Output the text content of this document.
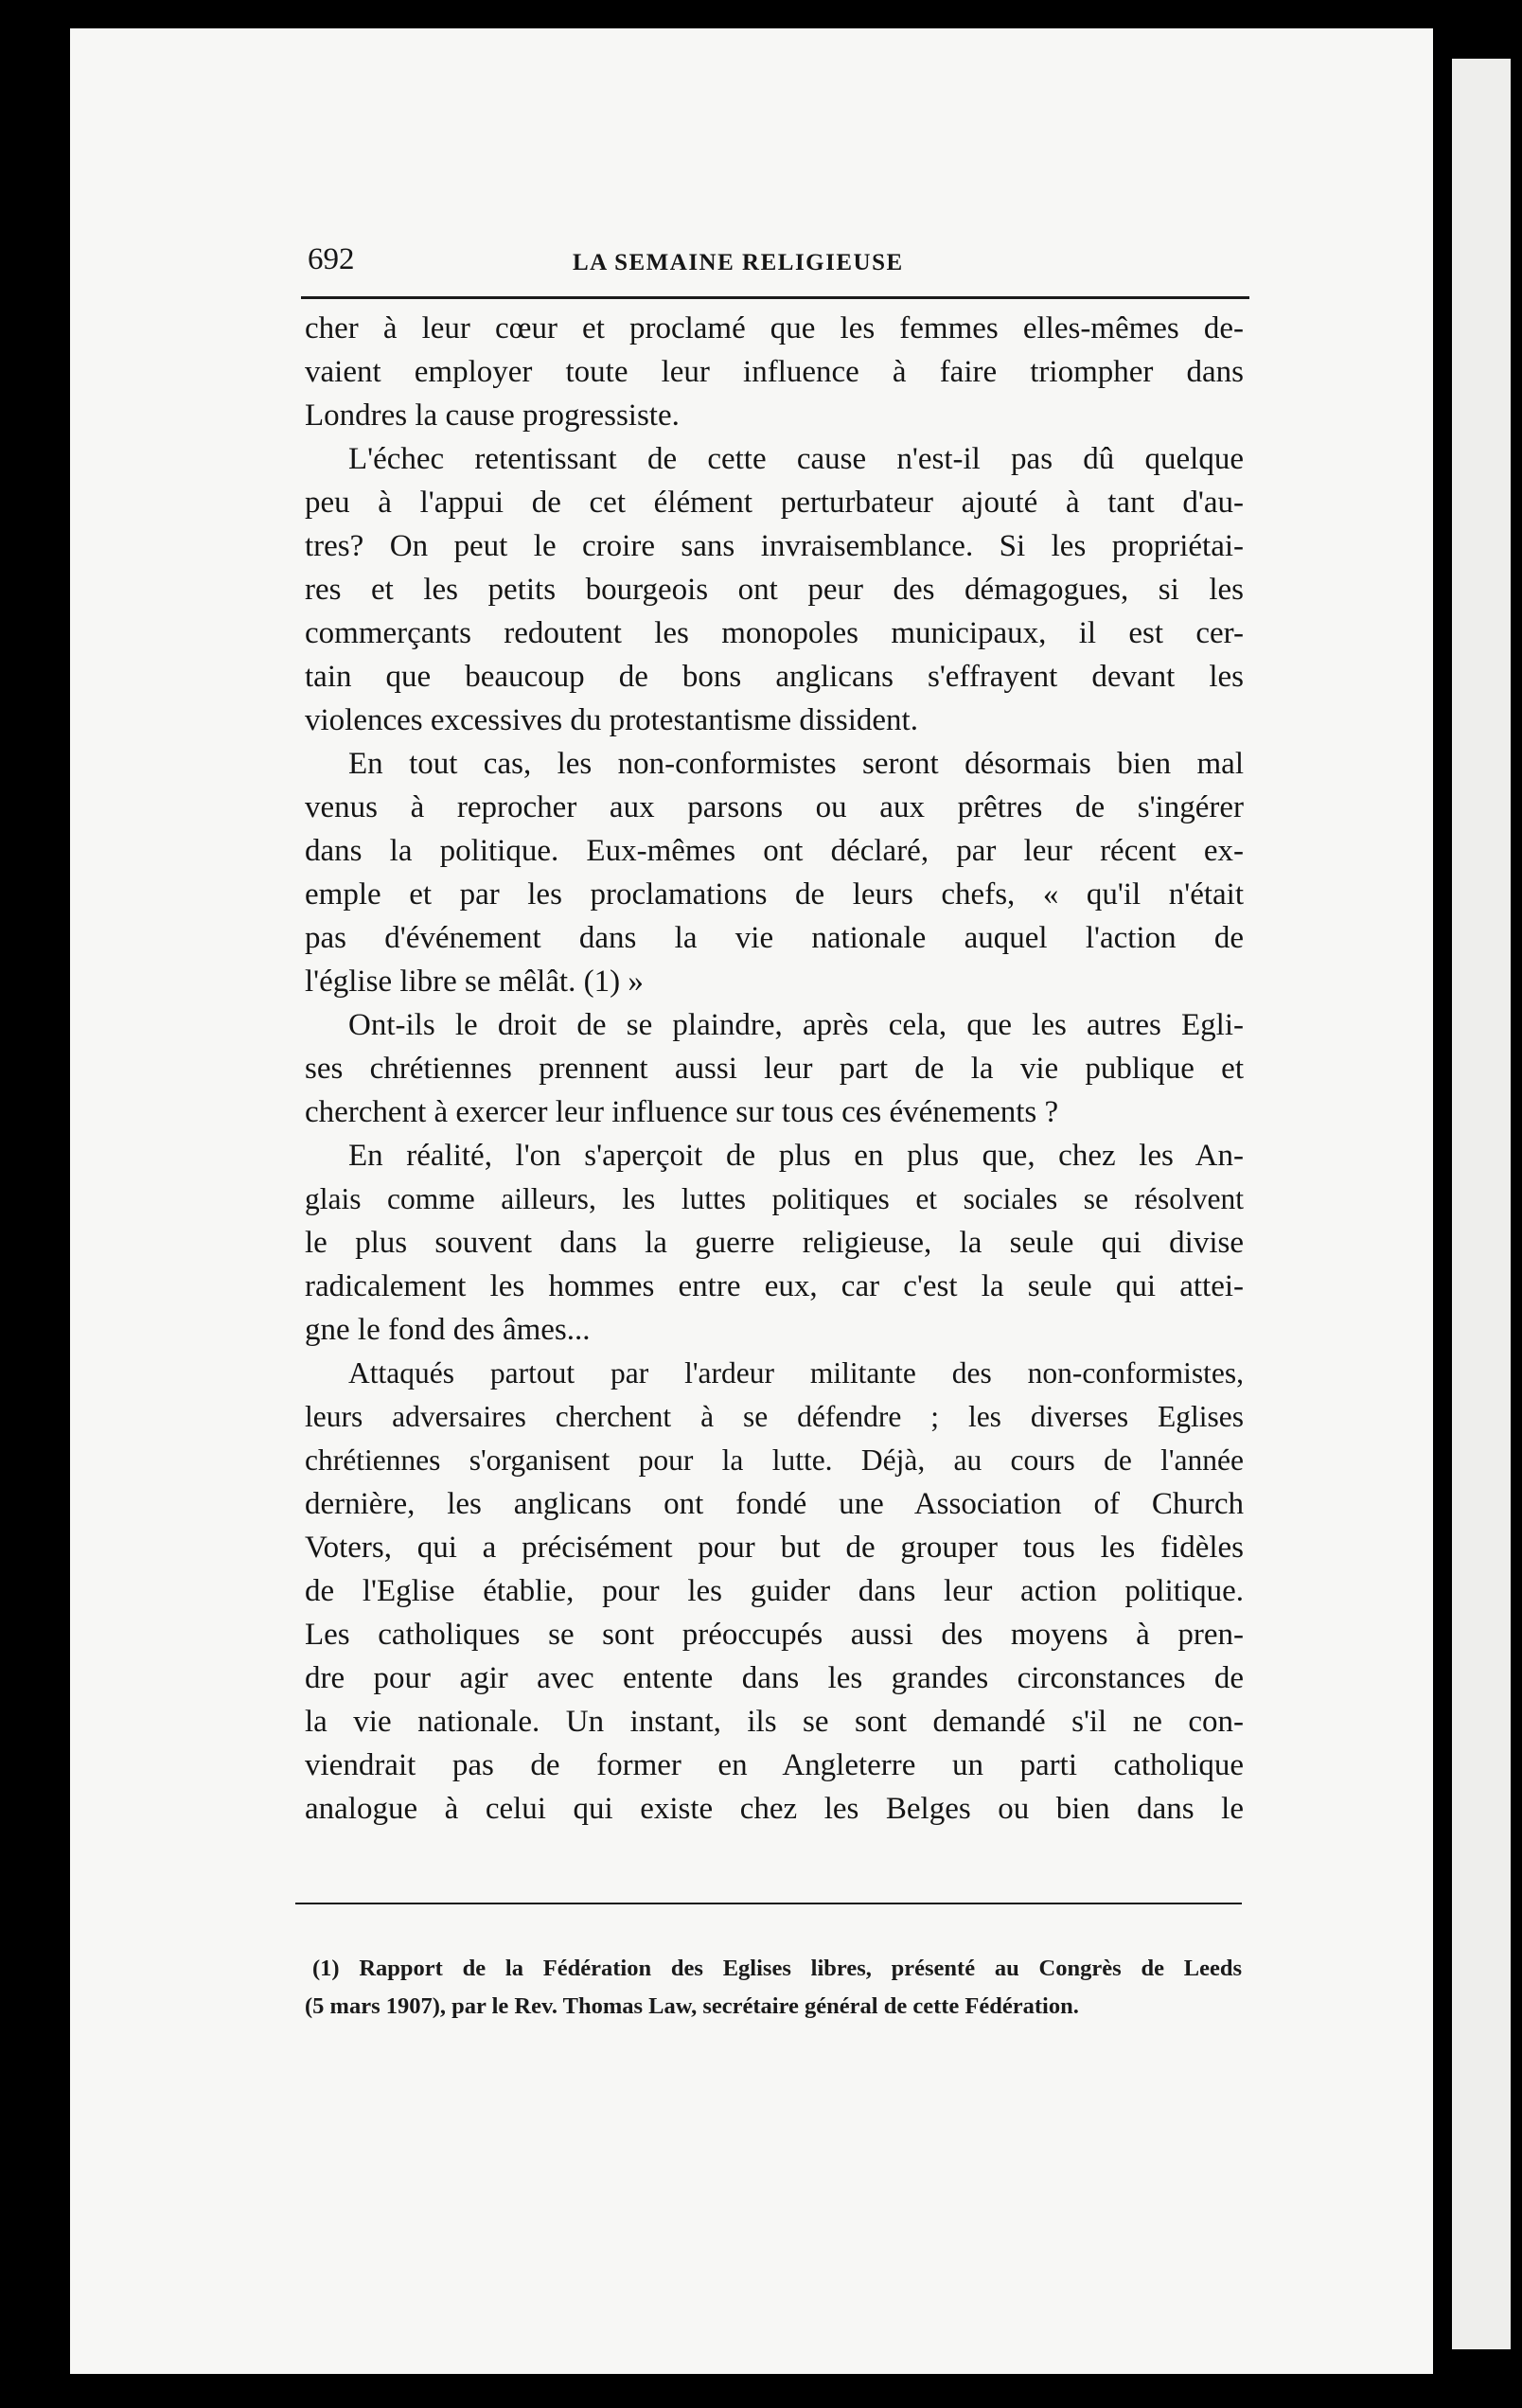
692	LA SEMAINE RELIGIEUSE
cher à leur cœur et proclamé que les femmes elles-mêmes de-
vaient employer toute leur influence à faire triompher dans
Londres la cause progressiste.
L'échec retentissant de cette cause n'est-il pas dû quelque
peu à l'appui de cet élément perturbateur ajouté à tant d'au-
tres? On peut le croire sans invraisemblance. Si les propriétai-
res et les petits bourgeois ont peur des démagogues, si les
commerçants redoutent les monopoles municipaux, il est cer-
tain que beaucoup de bons anglicans s'effrayent devant les
violences excessives du protestantisme dissident.
En tout cas, les non-conformistes seront désormais bien mal
venus à reprocher aux parsons ou aux prêtres de s'ingérer
dans la politique. Eux-mêmes ont déclaré, par leur récent ex-
emple et par les proclamations de leurs chefs, « qu'il n'était
pas d'événement dans la vie nationale auquel l'action de
l'église libre se mêlât. (1) »
Ont-ils le droit de se plaindre, après cela, que les autres Egli-
ses chrétiennes prennent aussi leur part de la vie publique et
cherchent à exercer leur influence sur tous ces événements ?
En réalité, l'on s'aperçoit de plus en plus que, chez les An-
glais comme ailleurs, les luttes politiques et sociales se résolvent
le plus souvent dans la guerre religieuse, la seule qui divise
radicalement les hommes entre eux, car c'est la seule qui attei-
gne le fond des âmes...
Attaqués partout par l'ardeur militante des non-conformistes,
leurs adversaires cherchent à se défendre ; les diverses Eglises
chrétiennes s'organisent pour la lutte. Déjà, au cours de l'année
dernière, les anglicans ont fondé une Association of Church
Voters, qui a précisément pour but de grouper tous les fidèles
de l'Eglise établie, pour les guider dans leur action politique.
Les catholiques se sont préoccupés aussi des moyens à pren-
dre pour agir avec entente dans les grandes circonstances de
la vie nationale. Un instant, ils se sont demandé s'il ne con-
viendrait pas de former en Angleterre un parti catholique
analogue à celui qui existe chez les Belges ou bien dans le
(1) Rapport de la Fédération des Eglises libres, présenté au Congrès de Leeds
(5 mars 1907), par le Rev. Thomas Law, secrétaire général de cette Fédération.
